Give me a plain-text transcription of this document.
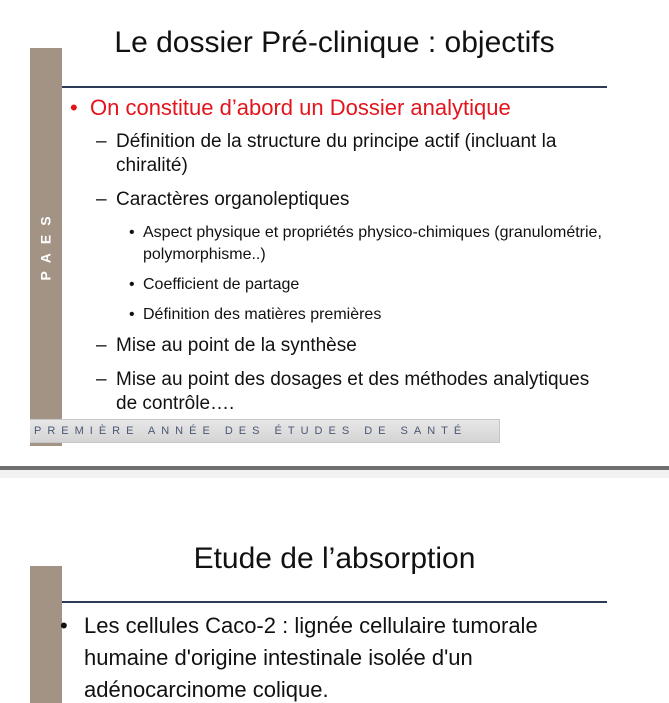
PAES
Le dossier Pré-clinique : objectifs
• On constitue d’abord un Dossier analytique
– Définition de la structure du principe actif (incluant la chiralité)
– Caractères organoleptiques
• Aspect physique et propriétés physico-chimiques (granulométrie, polymorphisme..)
• Coefficient de partage
• Définition des matières premières
– Mise au point de la synthèse
– Mise au point des dosages et des méthodes analytiques de contrôle….
PREMIÈRE ANNÉE DES ÉTUDES DE SANTÉ
Etude de l’absorption
• Les cellules Caco-2 : lignée cellulaire tumorale humaine d'origine intestinale isolée d'un adénocarcinome colique.
